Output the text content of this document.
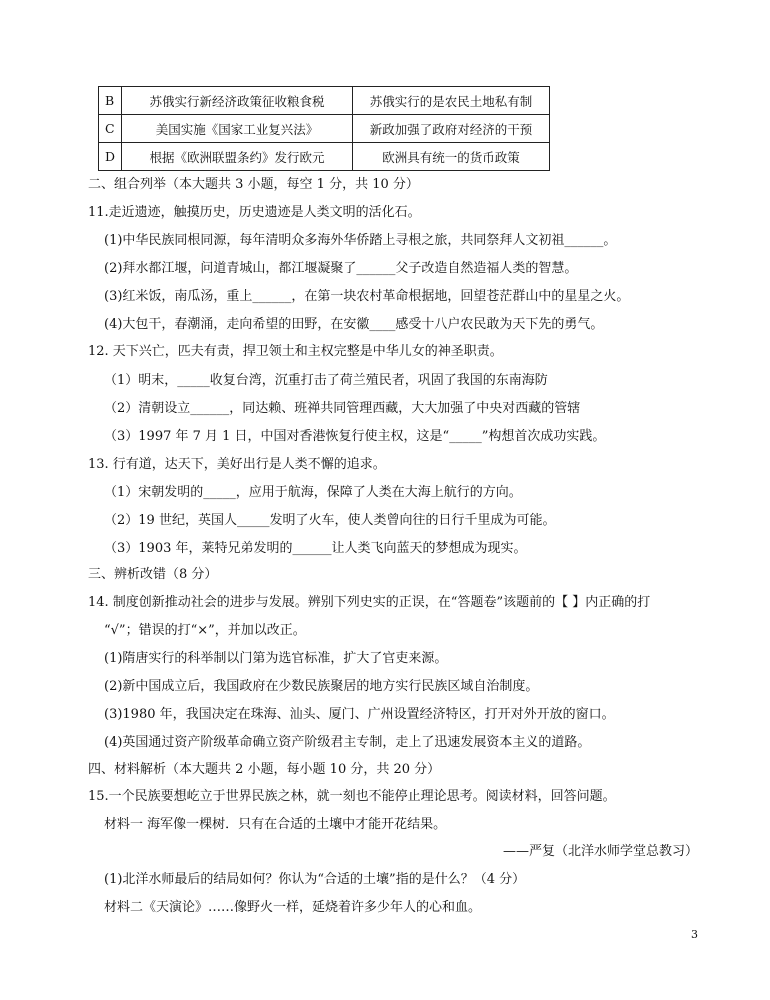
B	苏俄实行新经济政策征收粮食税	苏俄实行的是农民土地私有制
C	美国实施《国家工业复兴法》	新政加强了政府对经济的干预
D	根据《欧洲联盟条约》发行欧元	欧洲具有统一的货币政策
二、组合列举（本大题共 3 小题，每空 1 分，共 10 分）
11.走近遗迹，触摸历史，历史遗迹是人类文明的活化石。
(1)中华民族同根同源，每年清明众多海外华侨踏上寻根之旅，共同祭拜人文初祖______。
(2)拜水都江堰，问道青城山，都江堰凝聚了______父子改造自然造福人类的智慧。
(3)红米饭，南瓜汤，重上______，在第一块农村革命根据地，回望苍茫群山中的星星之火。
(4)大包干，春潮涌，走向希望的田野，在安徽____感受十八户农民敢为天下先的勇气。
12. 天下兴亡，匹夫有责，捍卫领土和主权完整是中华儿女的神圣职责。
（1）明末，_____收复台湾，沉重打击了荷兰殖民者，巩固了我国的东南海防
（2）清朝设立______，同达赖、班禅共同管理西藏，大大加强了中央对西藏的管辖
（3）1997 年 7 月 1 日，中国对香港恢复行使主权，这是“_____”构想首次成功实践。
13. 行有道，达天下，美好出行是人类不懈的追求。
（1）宋朝发明的_____，应用于航海，保障了人类在大海上航行的方向。
（2）19 世纪，英国人_____发明了火车，使人类曾向往的日行千里成为可能。
（3）1903 年，莱特兄弟发明的______让人类飞向蓝天的梦想成为现实。
三、辨析改错（8 分）
14. 制度创新推动社会的进步与发展。辨别下列史实的正误，在“答题卷”该题前的【 】内正确的打
“√”；错误的打“×”，并加以改正。
(1)隋唐实行的科举制以门第为选官标准，扩大了官吏来源。
(2)新中国成立后，我国政府在少数民族聚居的地方实行民族区域自治制度。
(3)1980 年，我国决定在珠海、汕头、厦门、广州设置经济特区，打开对外开放的窗口。
(4)英国通过资产阶级革命确立资产阶级君主专制，走上了迅速发展资本主义的道路。
四、材料解析（本大题共 2 小题，每小题 10 分，共 20 分）
15.一个民族要想屹立于世界民族之林，就一刻也不能停止理论思考。阅读材料，回答问题。
材料一 海军像一棵树．只有在合适的土壤中才能开花结果。
——严复（北洋水师学堂总教习）
(1)北洋水师最后的结局如何？你认为“合适的土壤”指的是什么？（4 分）
材料二《天演论》……像野火一样，延烧着许多少年人的心和血。
3
